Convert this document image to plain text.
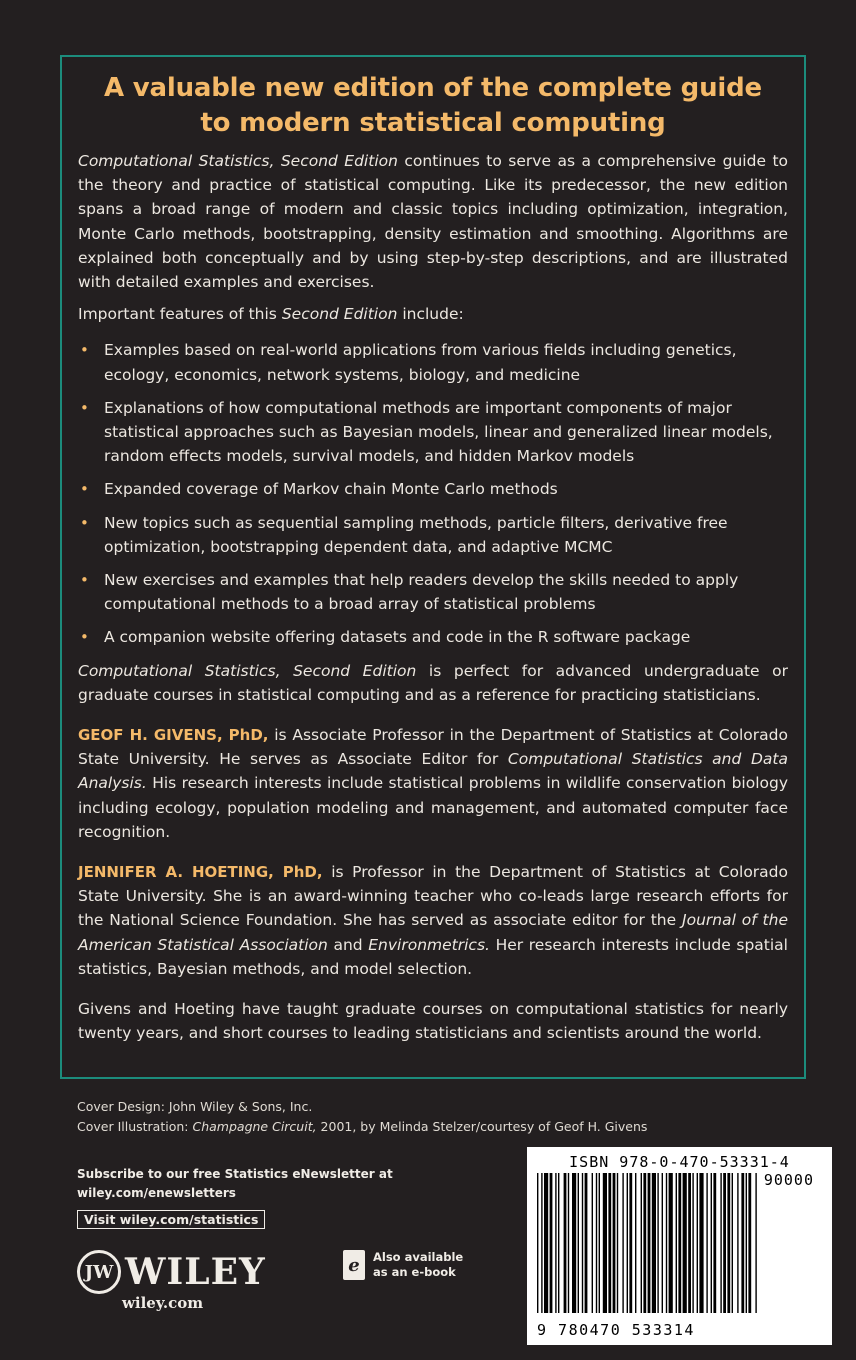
A valuable new edition of the complete guide
to modern statistical computing

Computational Statistics, Second Edition continues to serve as a comprehensive guide to the theory and practice of statistical computing. Like its predecessor, the new edition spans a broad range of modern and classic topics including optimization, integration, Monte Carlo methods, bootstrapping, density estimation and smoothing. Algorithms are explained both conceptually and by using step-by-step descriptions, and are illustrated with detailed examples and exercises.

Important features of this Second Edition include:

• Examples based on real-world applications from various fields including genetics, ecology, economics, network systems, biology, and medicine
• Explanations of how computational methods are important components of major statistical approaches such as Bayesian models, linear and generalized linear models, random effects models, survival models, and hidden Markov models
• Expanded coverage of Markov chain Monte Carlo methods
• New topics such as sequential sampling methods, particle filters, derivative free optimization, bootstrapping dependent data, and adaptive MCMC
• New exercises and examples that help readers develop the skills needed to apply computational methods to a broad array of statistical problems
• A companion website offering datasets and code in the R software package

Computational Statistics, Second Edition is perfect for advanced undergraduate or graduate courses in statistical computing and as a reference for practicing statisticians.

GEOF H. GIVENS, PhD, is Associate Professor in the Department of Statistics at Colorado State University. He serves as Associate Editor for Computational Statistics and Data Analysis. His research interests include statistical problems in wildlife conservation biology including ecology, population modeling and management, and automated computer face recognition.

JENNIFER A. HOETING, PhD, is Professor in the Department of Statistics at Colorado State University. She is an award-winning teacher who co-leads large research efforts for the National Science Foundation. She has served as associate editor for the Journal of the American Statistical Association and Environmetrics. Her research interests include spatial statistics, Bayesian methods, and model selection.

Givens and Hoeting have taught graduate courses on computational statistics for nearly twenty years, and short courses to leading statisticians and scientists around the world.

Cover Design: John Wiley & Sons, Inc.
Cover Illustration: Champagne Circuit, 2001, by Melinda Stelzer/courtesy of Geof H. Givens
Subscribe to our free Statistics eNewsletter at
wiley.com/enewsletters
Visit wiley.com/statistics
JW WILEY
wiley.com
e	Also available
as an e-book
ISBN 978-0-470-53331-4
90000
9 780470 533314
